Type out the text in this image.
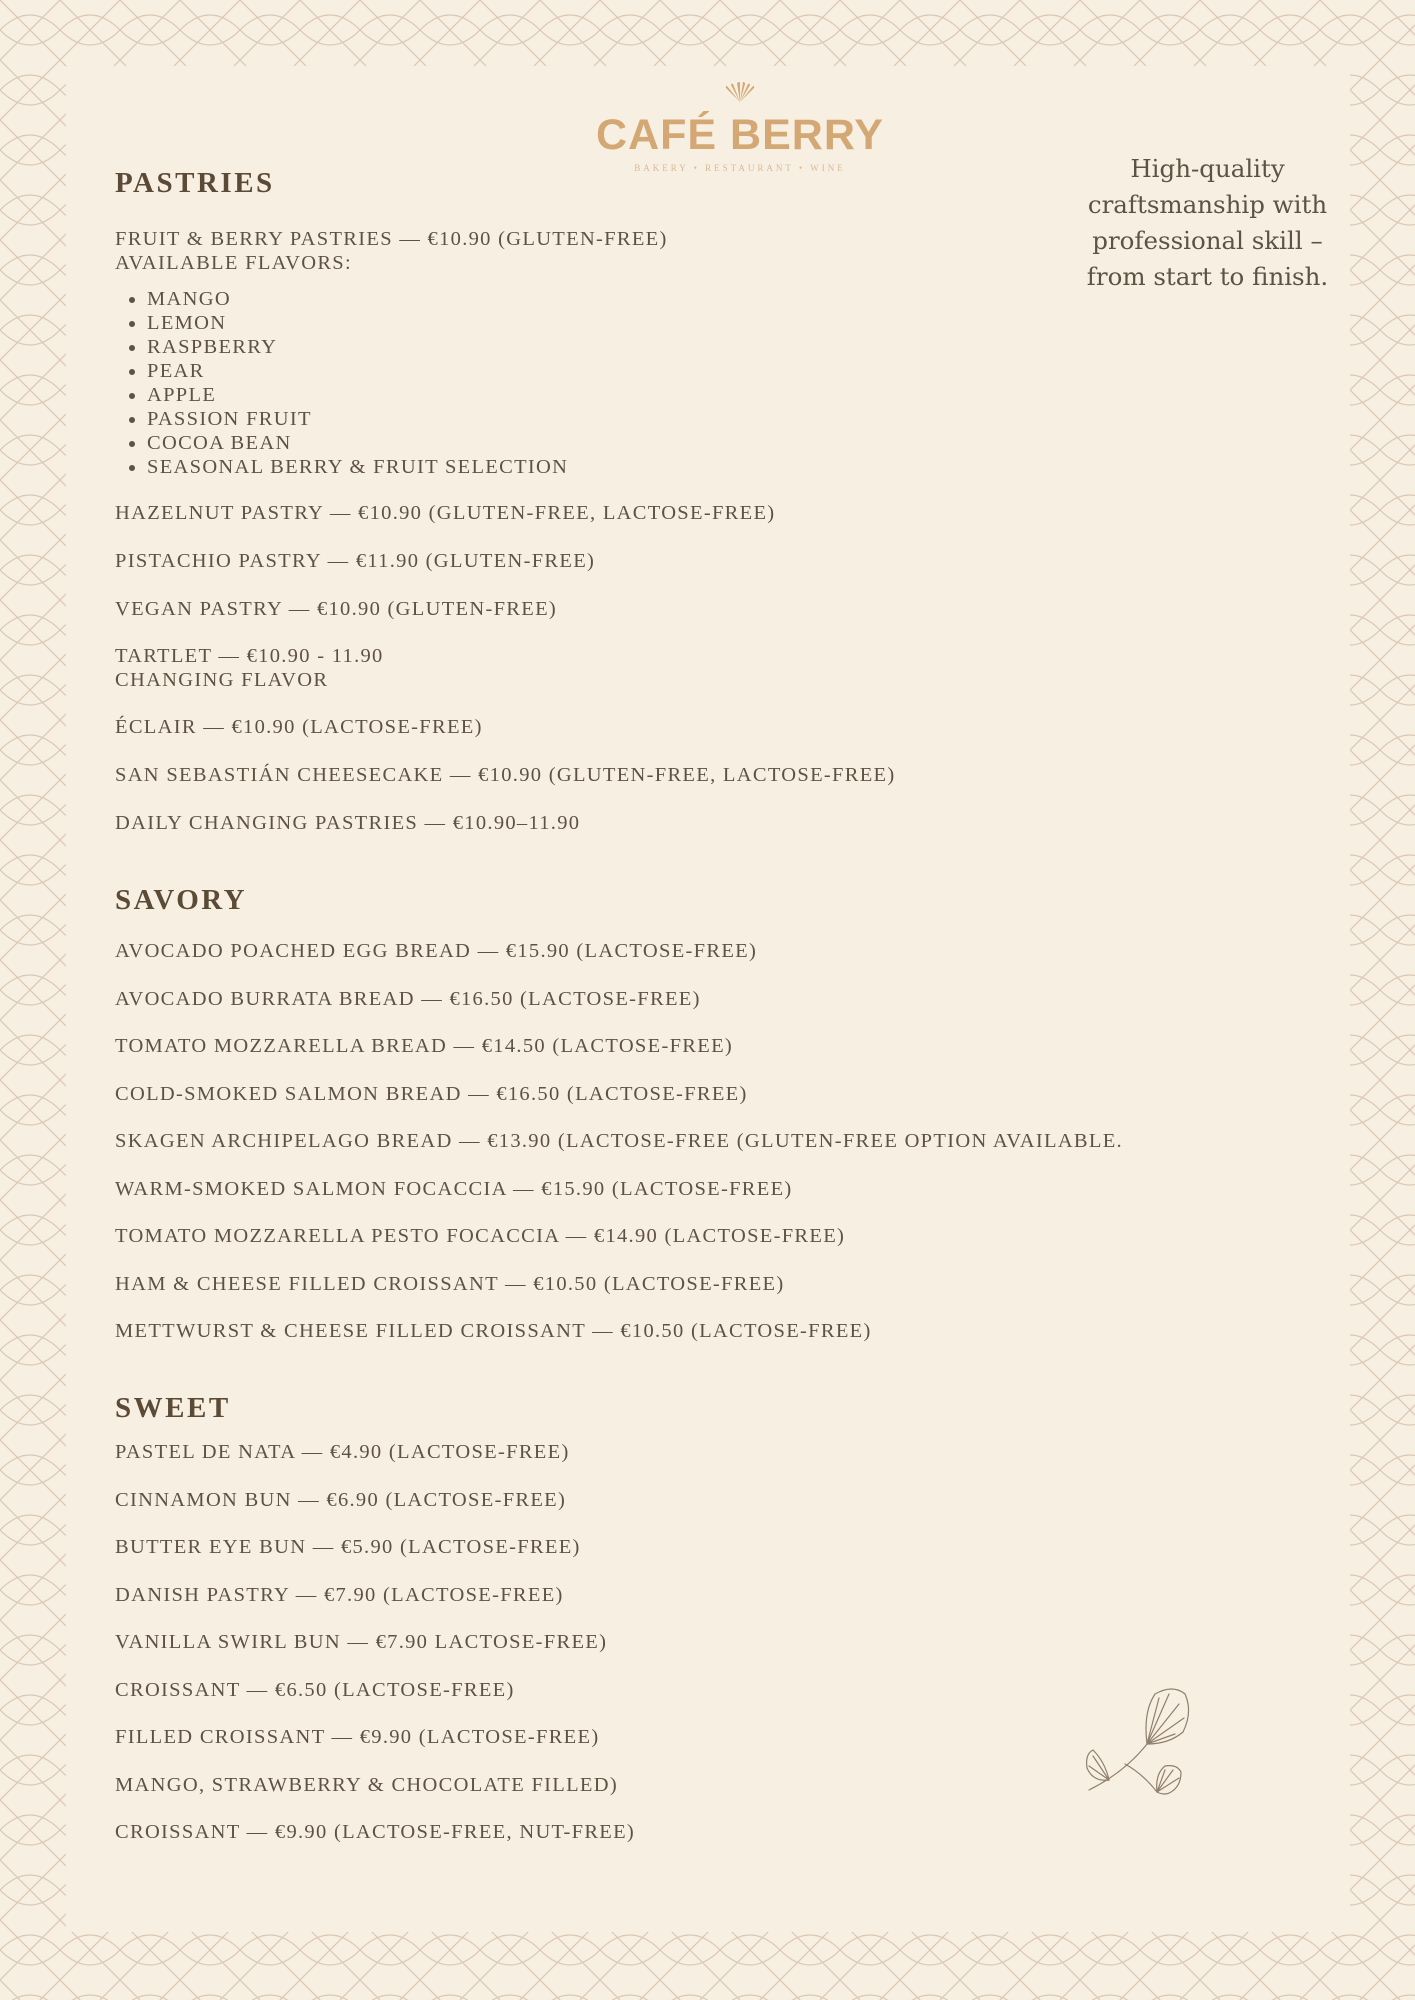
CAFÉ BERRY
BAKERY • RESTAURANT • WINE	High-quality
craftsmanship with
professional skill –
from start to finish.
PASTRIES
FRUIT & BERRY PASTRIES — €10.90 (GLUTEN-FREE)
AVAILABLE FLAVORS:
• MANGO
• LEMON
• RASPBERRY
• PEAR
• APPLE
• PASSION FRUIT
• COCOA BEAN
• SEASONAL BERRY & FRUIT SELECTION
HAZELNUT PASTRY — €10.90 (GLUTEN-FREE, LACTOSE-FREE)
PISTACHIO PASTRY — €11.90 (GLUTEN-FREE)
VEGAN PASTRY — €10.90 (GLUTEN-FREE)
TARTLET — €10.90 - 11.90
CHANGING FLAVOR
ÉCLAIR — €10.90 (LACTOSE-FREE)
SAN SEBASTIÁN CHEESECAKE — €10.90 (GLUTEN-FREE, LACTOSE-FREE)
DAILY CHANGING PASTRIES — €10.90–11.90
SAVORY
AVOCADO POACHED EGG BREAD — €15.90 (LACTOSE-FREE)
AVOCADO BURRATA BREAD — €16.50 (LACTOSE-FREE)
TOMATO MOZZARELLA BREAD — €14.50 (LACTOSE-FREE)
COLD-SMOKED SALMON BREAD — €16.50 (LACTOSE-FREE)
SKAGEN ARCHIPELAGO BREAD — €13.90 (LACTOSE-FREE (GLUTEN-FREE OPTION AVAILABLE.
WARM-SMOKED SALMON FOCACCIA — €15.90 (LACTOSE-FREE)
TOMATO MOZZARELLA PESTO FOCACCIA — €14.90 (LACTOSE-FREE)
HAM & CHEESE FILLED CROISSANT — €10.50 (LACTOSE-FREE)
METTWURST & CHEESE FILLED CROISSANT — €10.50 (LACTOSE-FREE)
SWEET
PASTEL DE NATA — €4.90 (LACTOSE-FREE)
CINNAMON BUN — €6.90 (LACTOSE-FREE)
BUTTER EYE BUN — €5.90 (LACTOSE-FREE)
DANISH PASTRY — €7.90 (LACTOSE-FREE)
VANILLA SWIRL BUN — €7.90 LACTOSE-FREE)
CROISSANT — €6.50 (LACTOSE-FREE)
FILLED CROISSANT — €9.90 (LACTOSE-FREE)
MANGO, STRAWBERRY & CHOCOLATE FILLED)
CROISSANT — €9.90 (LACTOSE-FREE, NUT-FREE)
